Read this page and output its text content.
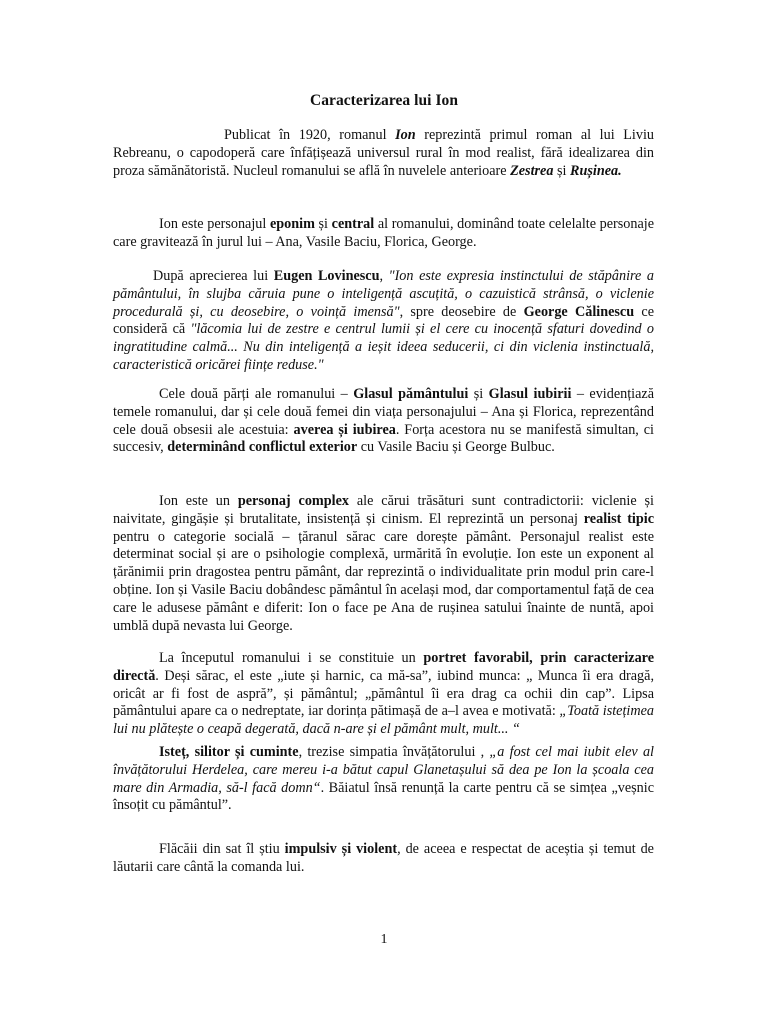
Caracterizarea lui Ion

Publicat în 1920, romanul Ion reprezintă primul roman al lui Liviu Rebreanu, o capodoperă care înfățișează universul rural în mod realist, fără idealizarea din proza sămănătoristă. Nucleul romanului se află în nuvelele anterioare Zestrea și Rușinea.

Ion este personajul eponim și central al romanului, dominând toate celelalte personaje care gravitează în jurul lui – Ana, Vasile Baciu, Florica, George.

După aprecierea lui Eugen Lovinescu, "Ion este expresia instinctului de stăpânire a pământului, în slujba căruia pune o inteligență ascuțită, o cazuistică strânsă, o viclenie procedurală și, cu deosebire, o voință imensă", spre deosebire de George Călinescu ce consideră că "lăcomia lui de zestre e centrul lumii și el cere cu inocență sfaturi dovedind o ingratitudine calmă... Nu din inteligență a ieșit ideea seducerii, ci din viclenia instinctuală, caracteristică oricărei ființe reduse."

Cele două părți ale romanului – Glasul pământului și Glasul iubirii – evidențiază temele romanului, dar și cele două femei din viața personajului – Ana și Florica, reprezentând cele două obsesii ale acestuia: averea și iubirea. Forța acestora nu se manifestă simultan, ci succesiv, determinând conflictul exterior cu Vasile Baciu și George Bulbuc.

Ion este un personaj complex ale cărui trăsături sunt contradictorii: viclenie și naivitate, gingășie și brutalitate, insistență și cinism. El reprezintă un personaj realist tipic pentru o categorie socială – țăranul sărac care dorește pământ. Personajul realist este determinat social și are o psihologie complexă, urmărită în evoluție. Ion este un exponent al țărănimii prin dragostea pentru pământ, dar reprezintă o individualitate prin modul prin care-l obține. Ion și Vasile Baciu dobândesc pământul în același mod, dar comportamentul față de cea care le adusese pământ e diferit: Ion o face pe Ana de rușinea satului înainte de nuntă, apoi umblă după nevasta lui George.

La începutul romanului i se constituie un portret favorabil, prin caracterizare directă. Deși sărac, el este „iute și harnic, ca mă-sa”, iubind munca: „ Munca îi era dragă, oricât ar fi fost de aspră”, și pământul; „pământul îi era drag ca ochii din cap”. Lipsa pământului apare ca o nedreptate, iar dorința pătimașă de a–l avea e motivată: „Toată istețimea lui nu plătește o ceapă degerată, dacă n-are și el pământ mult, mult... “

Isteț, silitor și cuminte, trezise simpatia învățătorului , „a fost cel mai iubit elev al învățătorului Herdelea, care mereu i-a bătut capul Glanetașului să dea pe Ion la școala cea mare din Armadia, să-l facă domn“. Băiatul însă renunță la carte pentru că se simțea „veșnic însoțit cu pământul”.

Flăcăii din sat îl știu impulsiv și violent, de aceea e respectat de aceștia și temut de lăutarii care cântă la comanda lui.

1
